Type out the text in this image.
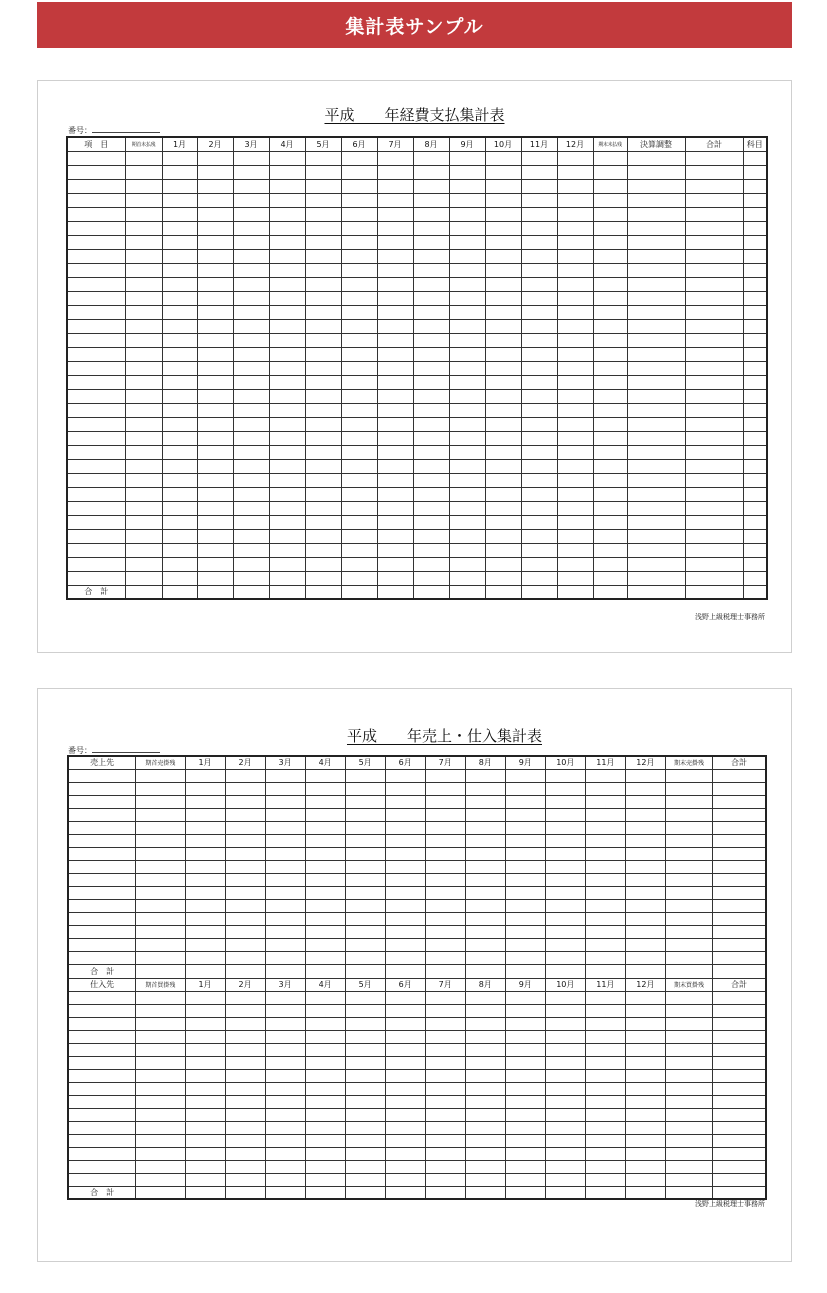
集計表サンプル
平成　　年経費支払集計表
番号：
項　目	期首未払残	1月	2月	3月	4月	5月	6月	7月	8月	9月	10月	11月	12月	期末未払残	決算調整	合計	科目

合　計																	
浅野上級税理士事務所
平成　　年売上・仕入集計表
番号：
売上先	期首売掛残	1月	2月	3月	4月	5月	6月	7月	8月	9月	10月	11月	12月	期末売掛残	合計

合　計															
仕入先	期首買掛残	1月	2月	3月	4月	5月	6月	7月	8月	9月	10月	11月	12月	期末買掛残	合計

合　計															
浅野上級税理士事務所
